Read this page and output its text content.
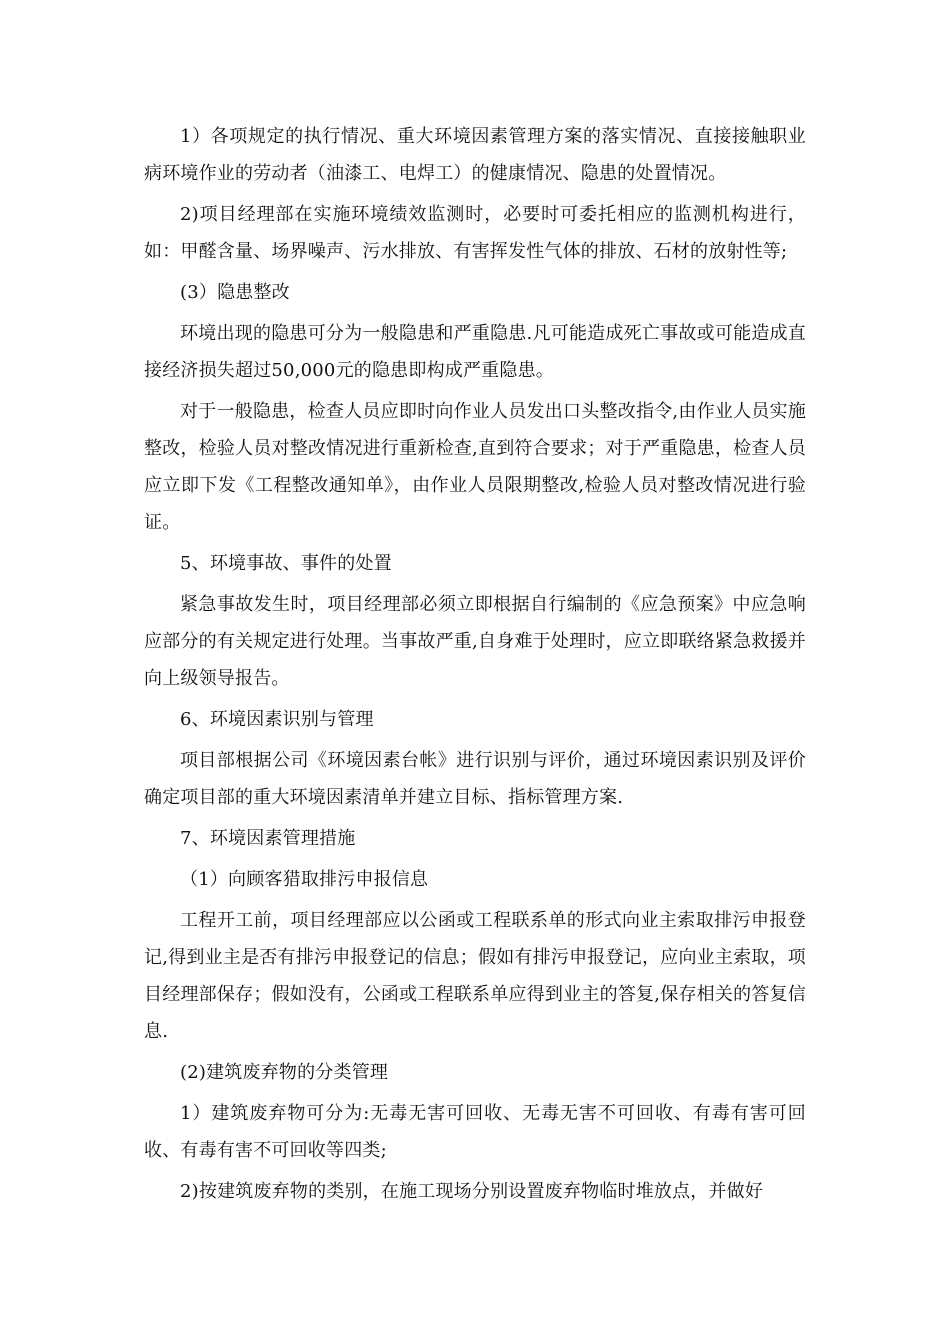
1）各项规定的执行情况、重大环境因素管理方案的落实情况、直接接触职业病环境作业的劳动者（油漆工、电焊工）的健康情况、隐患的处置情况。

2)项目经理部在实施环境绩效监测时，必要时可委托相应的监测机构进行，如：甲醛含量、场界噪声、污水排放、有害挥发性气体的排放、石材的放射性等;

(3）隐患整改

环境出现的隐患可分为一般隐患和严重隐患.凡可能造成死亡事故或可能造成直接经济损失超过50,000元的隐患即构成严重隐患。

对于一般隐患，检查人员应即时向作业人员发出口头整改指令,由作业人员实施整改，检验人员对整改情况进行重新检查,直到符合要求；对于严重隐患，检查人员应立即下发《工程整改通知单》，由作业人员限期整改,检验人员对整改情况进行验证。

5、环境事故、事件的处置

紧急事故发生时，项目经理部必须立即根据自行编制的《应急预案》中应急响应部分的有关规定进行处理。当事故严重,自身难于处理时，应立即联络紧急救援并向上级领导报告。

6、环境因素识别与管理

项目部根据公司《环境因素台帐》进行识别与评价，通过环境因素识别及评价确定项目部的重大环境因素清单并建立目标、指标管理方案.

7、环境因素管理措施

（1）向顾客猎取排污申报信息

工程开工前，项目经理部应以公函或工程联系单的形式向业主索取排污申报登记,得到业主是否有排污申报登记的信息；假如有排污申报登记，应向业主索取，项目经理部保存；假如没有，公函或工程联系单应得到业主的答复,保存相关的答复信息.

(2)建筑废弃物的分类管理

1）建筑废弃物可分为:无毒无害可回收、无毒无害不可回收、有毒有害可回收、有毒有害不可回收等四类;

2)按建筑废弃物的类别，在施工现场分别设置废弃物临时堆放点，并做好
